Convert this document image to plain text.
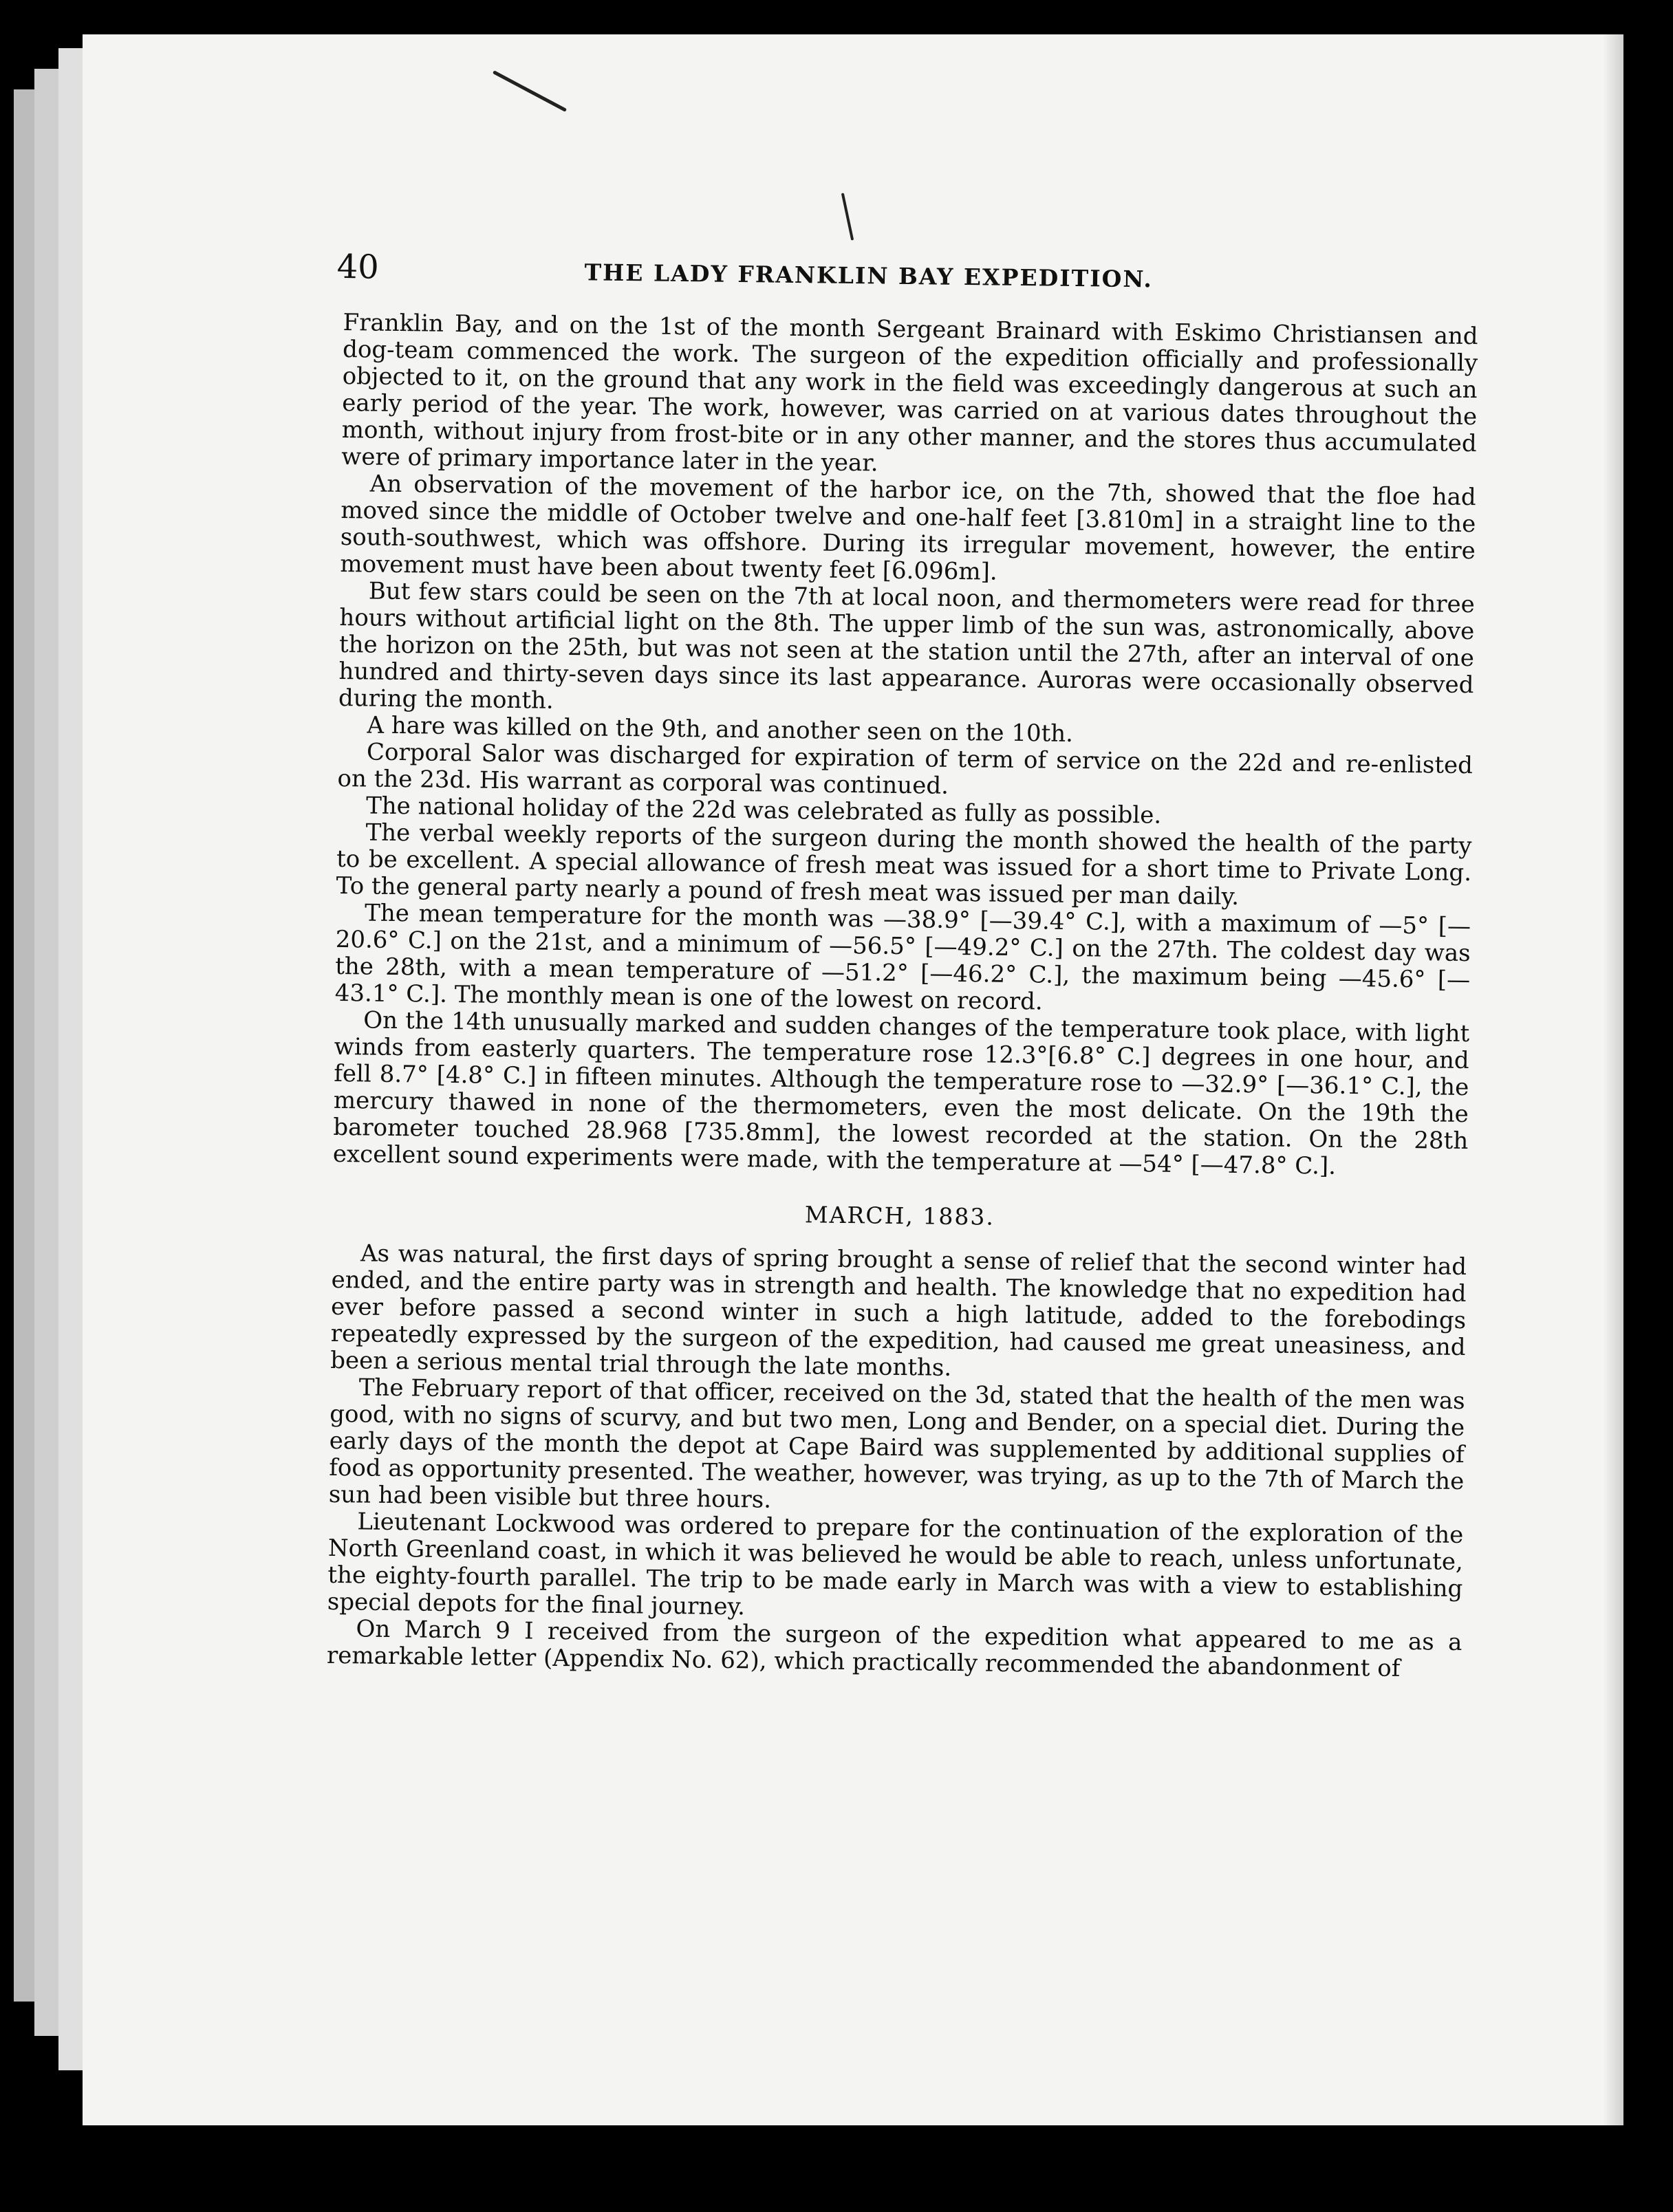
40	THE LADY FRANKLIN BAY EXPEDITION.

Franklin Bay, and on the 1st of the month Sergeant Brainard with Eskimo Christiansen and dog-team commenced the work. The surgeon of the expedition officially and professionally objected to it, on the ground that any work in the field was exceedingly dangerous at such an early period of the year. The work, however, was carried on at various dates throughout the month, without injury from frost-bite or in any other manner, and the stores thus accumulated were of primary importance later in the year.

An observation of the movement of the harbor ice, on the 7th, showed that the floe had moved since the middle of October twelve and one-half feet [3.810m] in a straight line to the south-southwest, which was offshore. During its irregular movement, however, the entire movement must have been about twenty feet [6.096m].

But few stars could be seen on the 7th at local noon, and thermometers were read for three hours without artificial light on the 8th. The upper limb of the sun was, astronomically, above the horizon on the 25th, but was not seen at the station until the 27th, after an interval of one hundred and thirty-seven days since its last appearance. Auroras were occasionally observed during the month.

A hare was killed on the 9th, and another seen on the 10th.

Corporal Salor was discharged for expiration of term of service on the 22d and re-enlisted on the 23d. His warrant as corporal was continued.

The national holiday of the 22d was celebrated as fully as possible.

The verbal weekly reports of the surgeon during the month showed the health of the party to be excellent. A special allowance of fresh meat was issued for a short time to Private Long. To the general party nearly a pound of fresh meat was issued per man daily.

The mean temperature for the month was —38.9° [—39.4° C.], with a maximum of —5° [—20.6° C.] on the 21st, and a minimum of —56.5° [—49.2° C.] on the 27th. The coldest day was the 28th, with a mean temperature of —51.2° [—46.2° C.], the maximum being —45.6° [—43.1° C.]. The monthly mean is one of the lowest on record.

On the 14th unusually marked and sudden changes of the temperature took place, with light winds from easterly quarters. The temperature rose 12.3°[6.8° C.] degrees in one hour, and fell 8.7° [4.8° C.] in fifteen minutes. Although the temperature rose to —32.9° [—36.1° C.], the mercury thawed in none of the thermometers, even the most delicate. On the 19th the barometer touched 28.968 [735.8mm], the lowest recorded at the station. On the 28th excellent sound experiments were made, with the temperature at —54° [—47.8° C.].

MARCH, 1883.

As was natural, the first days of spring brought a sense of relief that the second winter had ended, and the entire party was in strength and health. The knowledge that no expedition had ever before passed a second winter in such a high latitude, added to the forebodings repeatedly expressed by the surgeon of the expedition, had caused me great uneasiness, and been a serious mental trial through the late months.

The February report of that officer, received on the 3d, stated that the health of the men was good, with no signs of scurvy, and but two men, Long and Bender, on a special diet. During the early days of the month the depot at Cape Baird was supplemented by additional supplies of food as opportunity presented. The weather, however, was trying, as up to the 7th of March the sun had been visible but three hours.

Lieutenant Lockwood was ordered to prepare for the continuation of the exploration of the North Greenland coast, in which it was believed he would be able to reach, unless unfortunate, the eighty-fourth parallel. The trip to be made early in March was with a view to establishing special depots for the final journey.

On March 9 I received from the surgeon of the expedition what appeared to me as a remarkable letter (Appendix No. 62), which practically recommended the abandonment of
